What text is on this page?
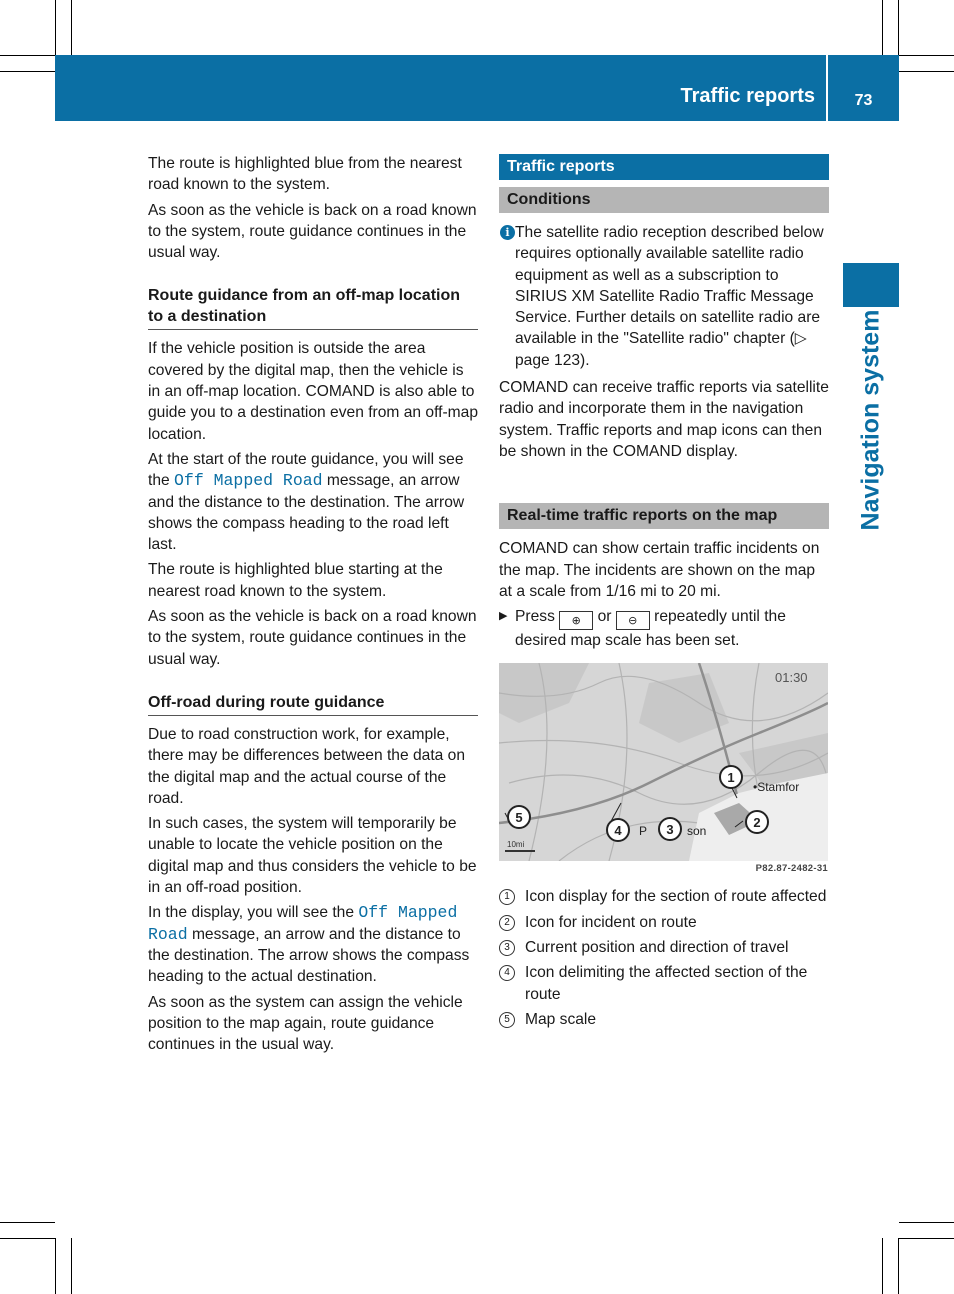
Traffic reports	73
Navigation system

The route is highlighted blue from the nearest road known to the system.

As soon as the vehicle is back on a road known to the system, route guidance continues in the usual way.

Route guidance from an off-map location to a destination

If the vehicle position is outside the area covered by the digital map, then the vehicle is in an off-map location. COMAND is also able to guide you to a destination even from an off-map location.

At the start of the route guidance, you will see the Off Mapped Road message, an arrow and the distance to the destination. The arrow shows the compass heading to the road left last.

The route is highlighted blue starting at the nearest road known to the system.

As soon as the vehicle is back on a road known to the system, route guidance continues in the usual way.

Off-road during route guidance

Due to road construction work, for example, there may be differences between the data on the digital map and the actual course of the road.

In such cases, the system will temporarily be unable to locate the vehicle position on the digital map and thus considers the vehicle to be in an off-road position.

In the display, you will see the Off Mapped Road message, an arrow and the distance to the destination. The arrow shows the compass heading to the actual destination.

As soon as the system can assign the vehicle position to the map again, route guidance continues in the usual way.

Traffic reports
Conditions
i The satellite radio reception described below requires optionally available satellite radio equipment as well as a subscription to SIRIUS XM Satellite Radio Traffic Message Service. Further details on satellite radio are available in the "Satellite radio" chapter (▷ page 123).

COMAND can receive traffic reports via satellite radio and incorporate them in the navigation system. Traffic reports and map icons can then be shown in the COMAND display.

Real-time traffic reports on the map

COMAND can show certain traffic incidents on the map. The incidents are shown on the map at a scale from 1/16 mi to 20 mi.

▶ Press ⊕ or ⊖ repeatedly until the desired map scale has been set.
01:30
•Stamfor
P	son
10mi
1
2
3
4
5
P82.87-2482-31
1 Icon display for the section of route affected
2 Icon for incident on route
3 Current position and direction of travel
4 Icon delimiting the affected section of the route
5 Map scale
